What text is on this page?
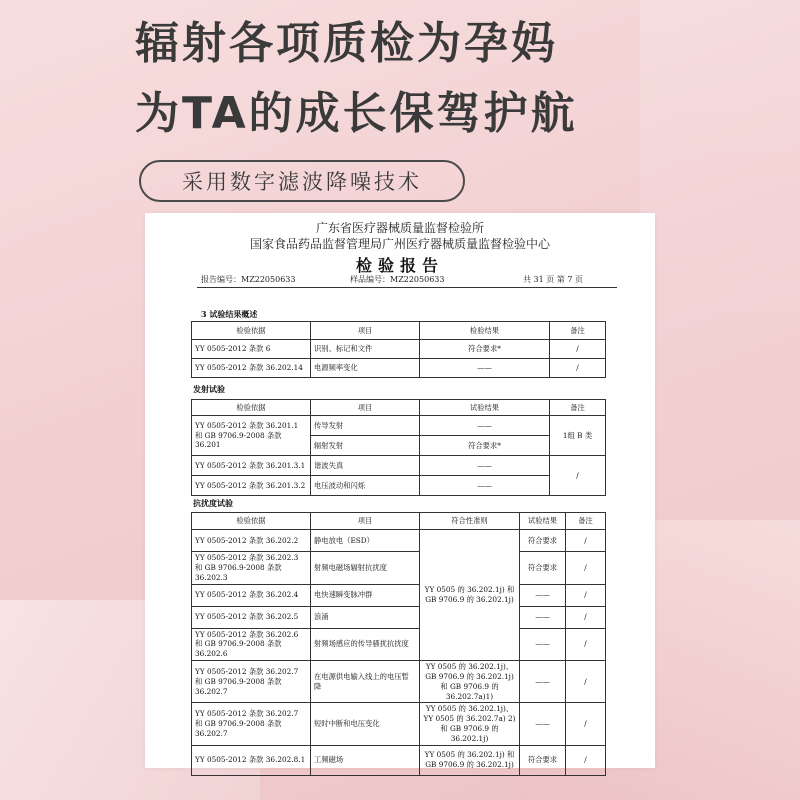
辐射各项质检为孕妈
为TA的成长保驾护航
采用数字滤波降噪技术
广东省医疗器械质量监督检验所
国家食品药品监督管理局广州医疗器械质量监督检验中心
检验报告
报告编号：MZ22050633	样品编号：MZ22050633	共 31 页 第 7 页
3 试验结果概述
检验依据	项目	检验结果	备注
YY 0505-2012 条款 6	识别、标记和文件	符合要求*	/
YY 0505-2012 条款 36.202.14	电源频率变化	——	/
发射试验
检验依据	项目	试验结果	备注
YY 0505-2012 条款 36.201.1 和 GB 9706.9-2008 条款 36.201	传导发射	——	1组 B 类
	辐射发射	符合要求*	
YY 0505-2012 条款 36.201.3.1	谐波失真	——	/
YY 0505-2012 条款 36.201.3.2	电压波动和闪烁	——	
抗扰度试验
检验依据	项目	符合性准则	试验结果	备注
YY 0505-2012 条款 36.202.2	静电放电（ESD）	YY 0505 的 36.202.1j) 和 GB 9706.9 的 36.202.1j)	符合要求	/
YY 0505-2012 条款 36.202.3 和 GB 9706.9-2008 条款 36.202.3	射频电磁场辐射抗扰度		符合要求	/
YY 0505-2012 条款 36.202.4	电快速瞬变脉冲群		——	/
YY 0505-2012 条款 36.202.5	浪涌		——	/
YY 0505-2012 条款 36.202.6 和 GB 9706.9-2008 条款 36.202.6	射频场感应的传导骚扰抗扰度		——	/
YY 0505-2012 条款 36.202.7 和 GB 9706.9-2008 条款 36.202.7	在电源供电输入线上的电压暂降	YY 0505 的 36.202.1j)、GB 9706.9 的 36.202.1j) 和 GB 9706.9 的 36.202.7a)1)	——	/
YY 0505-2012 条款 36.202.7 和 GB 9706.9-2008 条款 36.202.7	短时中断和电压变化	YY 0505 的 36.202.1j)、YY 0505 的 36.202.7a) 2) 和 GB 9706.9 的 36.202.1j)	——	/
YY 0505-2012 条款 36.202.8.1	工频磁场	YY 0505 的 36.202.1j) 和 GB 9706.9 的 36.202.1j)	符合要求	/
